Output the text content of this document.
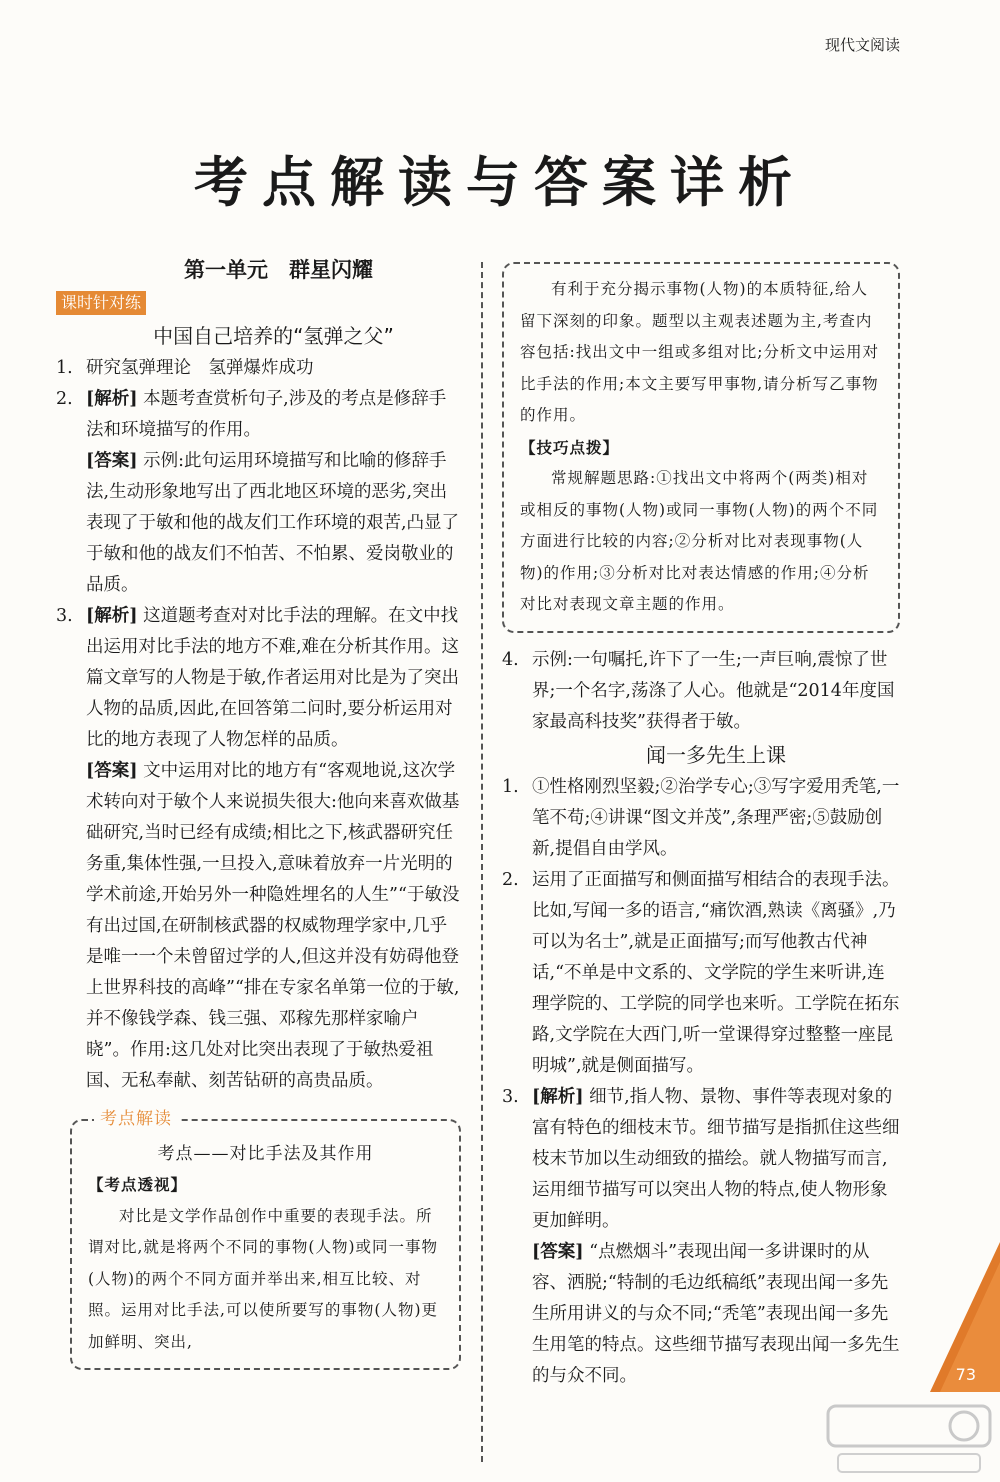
现代文阅读
考点解读与答案详析
第一单元　群星闪耀
课时针对练
中国自己培养的“氢弹之父”
1. 研究氢弹理论　氢弹爆炸成功
2. [解析] 本题考查赏析句子,涉及的考点是修辞手法和环境描写的作用。
[答案] 示例:此句运用环境描写和比喻的修辞手法,生动形象地写出了西北地区环境的恶劣,突出表现了于敏和他的战友们工作环境的艰苦,凸显了于敏和他的战友们不怕苦、不怕累、爱岗敬业的品质。
3. [解析] 这道题考查对对比手法的理解。在文中找出运用对比手法的地方不难,难在分析其作用。这篇文章写的人物是于敏,作者运用对比是为了突出人物的品质,因此,在回答第二问时,要分析运用对比的地方表现了人物怎样的品质。
[答案] 文中运用对比的地方有“客观地说,这次学术转向对于敏个人来说损失很大:他向来喜欢做基础研究,当时已经有成绩;相比之下,核武器研究任务重,集体性强,一旦投入,意味着放弃一片光明的学术前途,开始另外一种隐姓埋名的人生”“于敏没有出过国,在研制核武器的权威物理学家中,几乎是唯一一个未曾留过学的人,但这并没有妨碍他登上世界科技的高峰”“排在专家名单第一位的于敏,并不像钱学森、钱三强、邓稼先那样家喻户晓”。作用:这几处对比突出表现了于敏热爱祖国、无私奉献、刻苦钻研的高贵品质。
考点解读
考点——对比手法及其作用
【考点透视】
对比是文学作品创作中重要的表现手法。所谓对比,就是将两个不同的事物(人物)或同一事物(人物)的两个不同方面并举出来,相互比较、对照。运用对比手法,可以使所要写的事物(人物)更加鲜明、突出,
有利于充分揭示事物(人物)的本质特征,给人留下深刻的印象。题型以主观表述题为主,考查内容包括:找出文中一组或多组对比;分析文中运用对比手法的作用;本文主要写甲事物,请分析写乙事物的作用。
【技巧点拨】
常规解题思路:①找出文中将两个(两类)相对或相反的事物(人物)或同一事物(人物)的两个不同方面进行比较的内容;②分析对比对表现事物(人物)的作用;③分析对比对表达情感的作用;④分析对比对表现文章主题的作用。
4. 示例:一句嘱托,许下了一生;一声巨响,震惊了世界;一个名字,荡涤了人心。他就是“2014年度国家最高科技奖”获得者于敏。
闻一多先生上课
1. ①性格刚烈坚毅;②治学专心;③写字爱用秃笔,一笔不苟;④讲课“图文并茂”,条理严密;⑤鼓励创新,提倡自由学风。
2. 运用了正面描写和侧面描写相结合的表现手法。比如,写闻一多的语言,“痛饮酒,熟读《离骚》,乃可以为名士”,就是正面描写;而写他教古代神话,“不单是中文系的、文学院的学生来听讲,连理学院的、工学院的同学也来听。工学院在拓东路,文学院在大西门,听一堂课得穿过整整一座昆明城”,就是侧面描写。
3. [解析] 细节,指人物、景物、事件等表现对象的富有特色的细枝末节。细节描写是指抓住这些细枝末节加以生动细致的描绘。就人物描写而言,运用细节描写可以突出人物的特点,使人物形象更加鲜明。
[答案] “点燃烟斗”表现出闻一多讲课时的从容、洒脱;“特制的毛边纸稿纸”表现出闻一多先生所用讲义的与众不同;“秃笔”表现出闻一多先生用笔的特点。这些细节描写表现出闻一多先生的与众不同。	73
